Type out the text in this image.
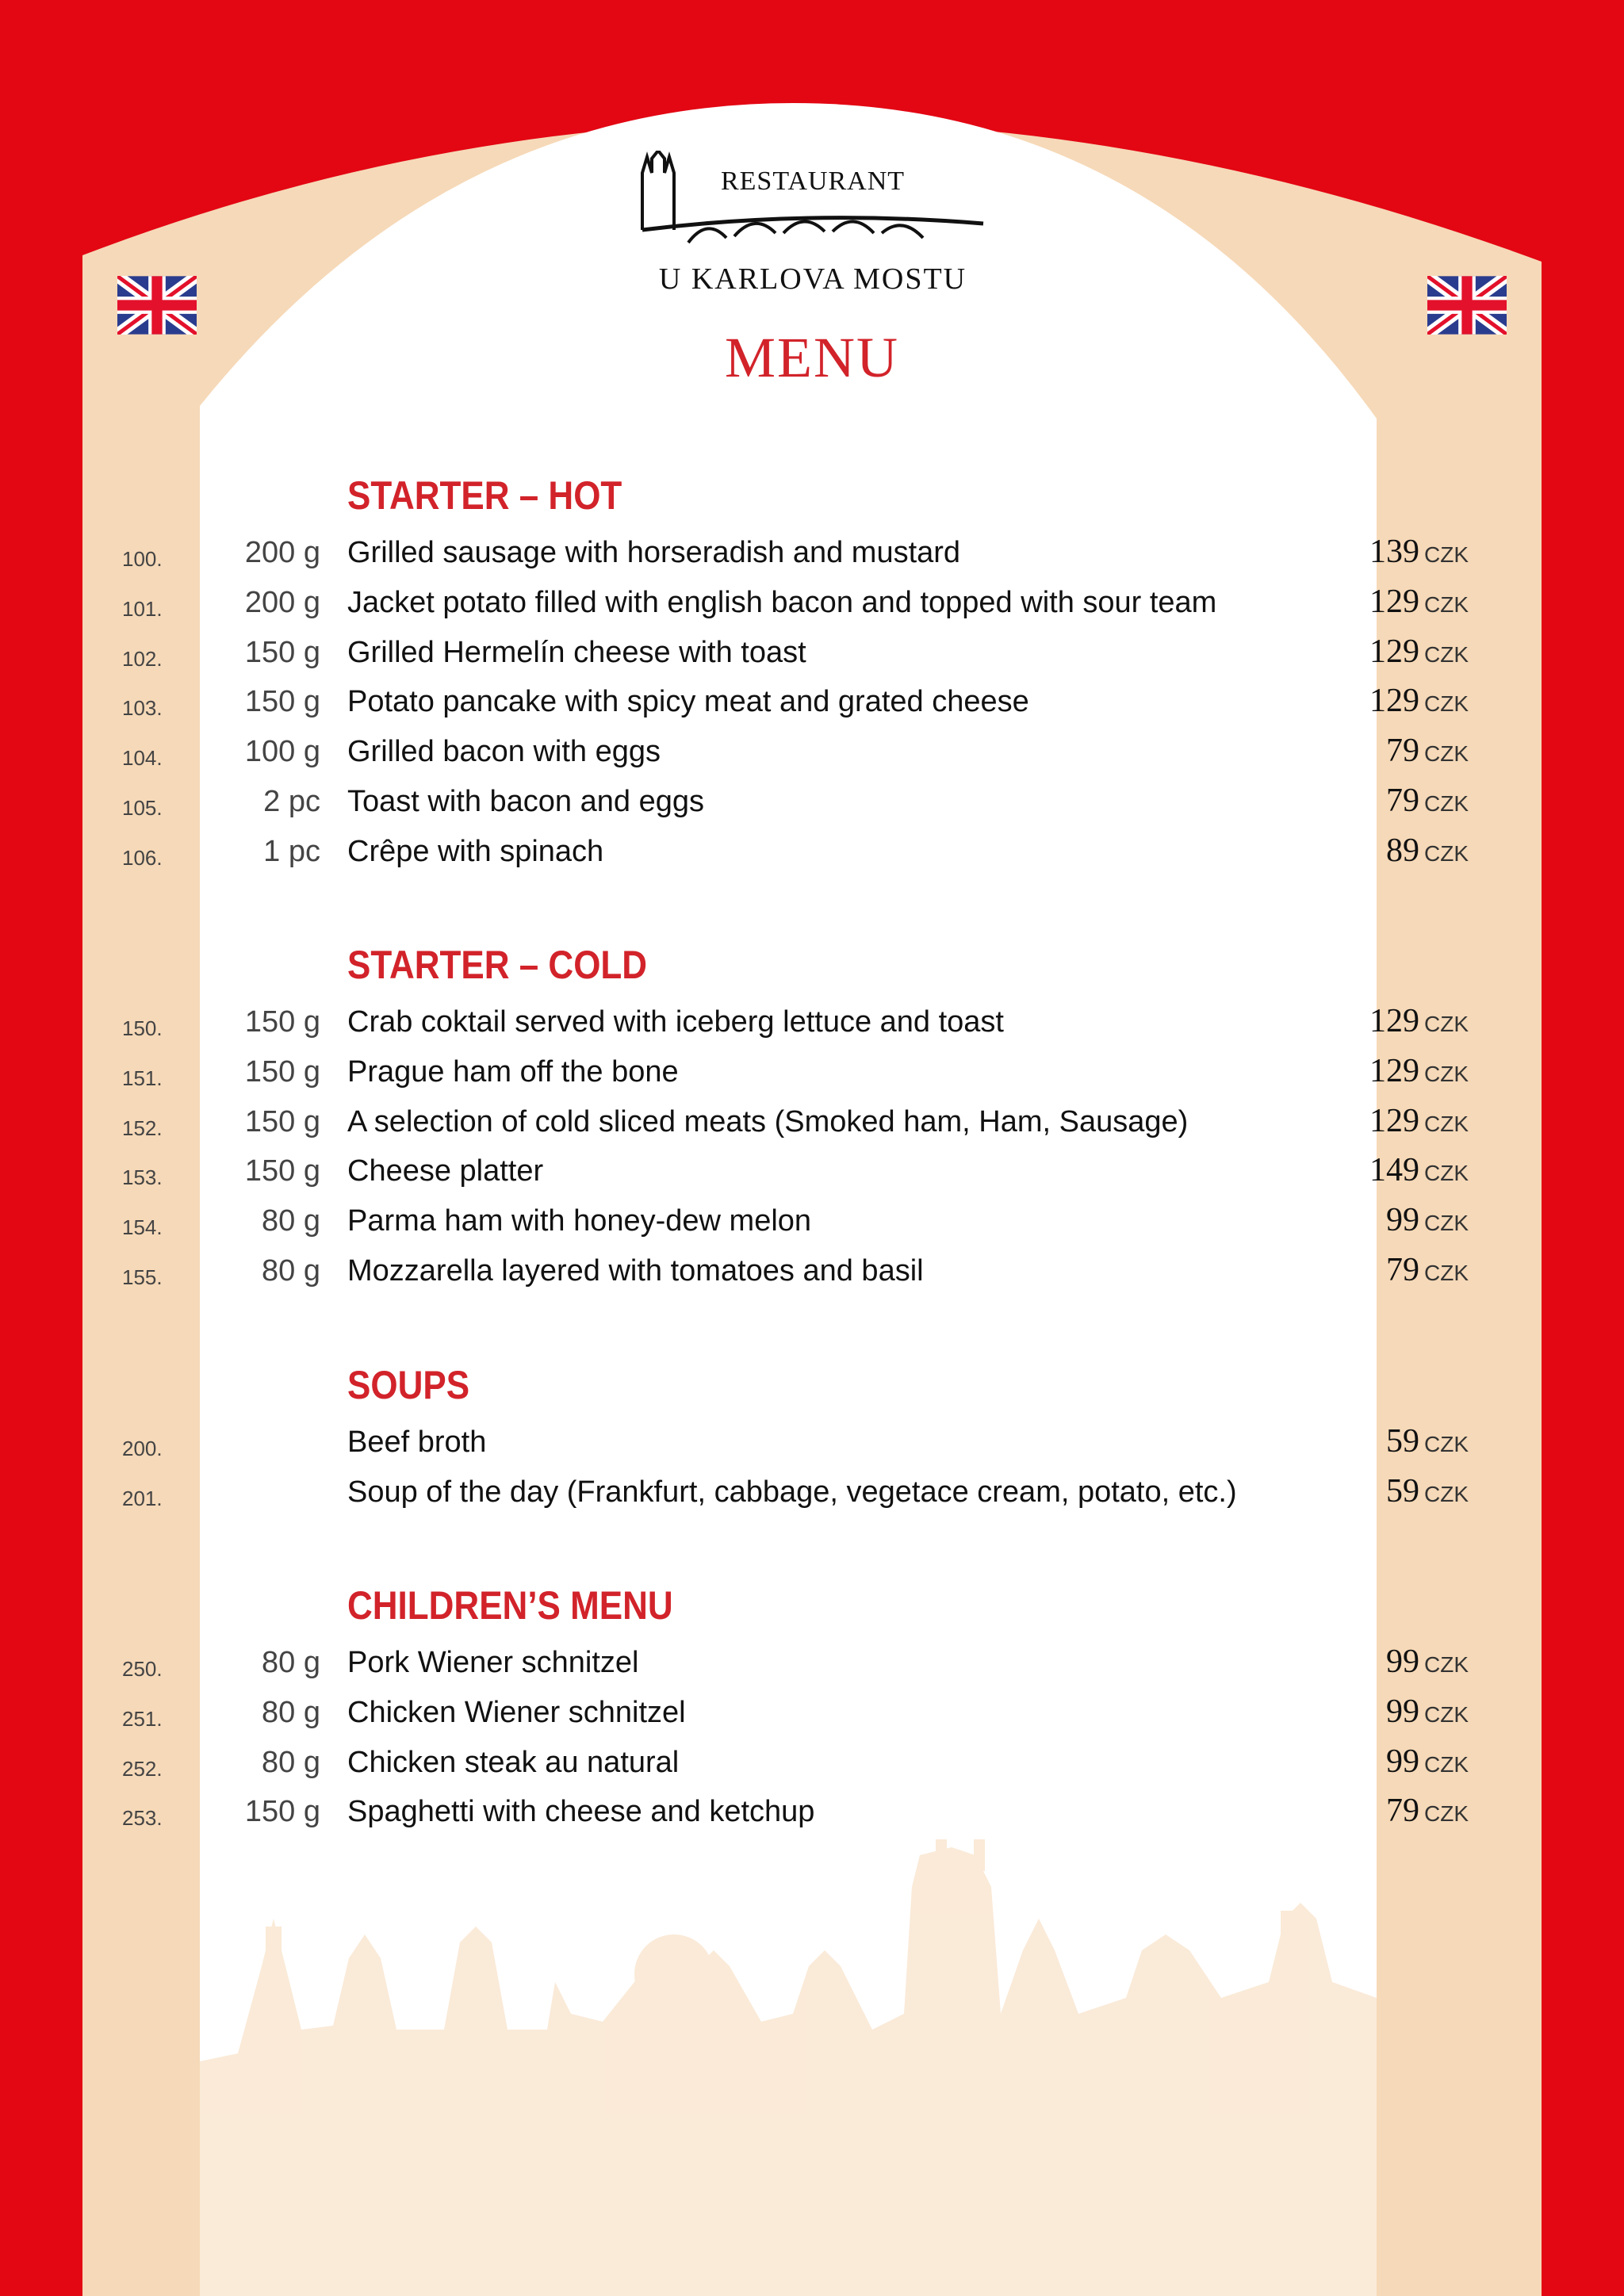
RESTAURANT
U KARLOVA MOSTU
MENU
STARTER – HOT
100.	200 g Grilled sausage with horseradish and mustard	139 CZK
101.	200 g Jacket potato filled with english bacon and topped with sour team	129 CZK
102.	150 g Grilled Hermelín cheese with toast	129 CZK
103.	150 g Potato pancake with spicy meat and grated cheese	129 CZK
104.	100 g Grilled bacon with eggs	79 CZK
105.	2 pc Toast with bacon and eggs	79 CZK
106.	1 pc Crêpe with spinach	89 CZK
STARTER – COLD
150.	150 g Crab coktail served with iceberg lettuce and toast	129 CZK
151.	150 g Prague ham off the bone	129 CZK
152.	150 g A selection of cold sliced meats (Smoked ham, Ham, Sausage)	129 CZK
153.	150 g Cheese platter	149 CZK
154.	80 g Parma ham with honey-dew melon	99 CZK
155.	80 g Mozzarella layered with tomatoes and basil	79 CZK
SOUPS
200.	Beef broth	59 CZK
201.	Soup of the day (Frankfurt, cabbage, vegetace cream, potato, etc.)	59 CZK
CHILDREN’S MENU
250.	80 g Pork Wiener schnitzel	99 CZK
251.	80 g Chicken Wiener schnitzel	99 CZK
252.	80 g Chicken steak au natural	99 CZK
253.	150 g Spaghetti with cheese and ketchup	79 CZK
